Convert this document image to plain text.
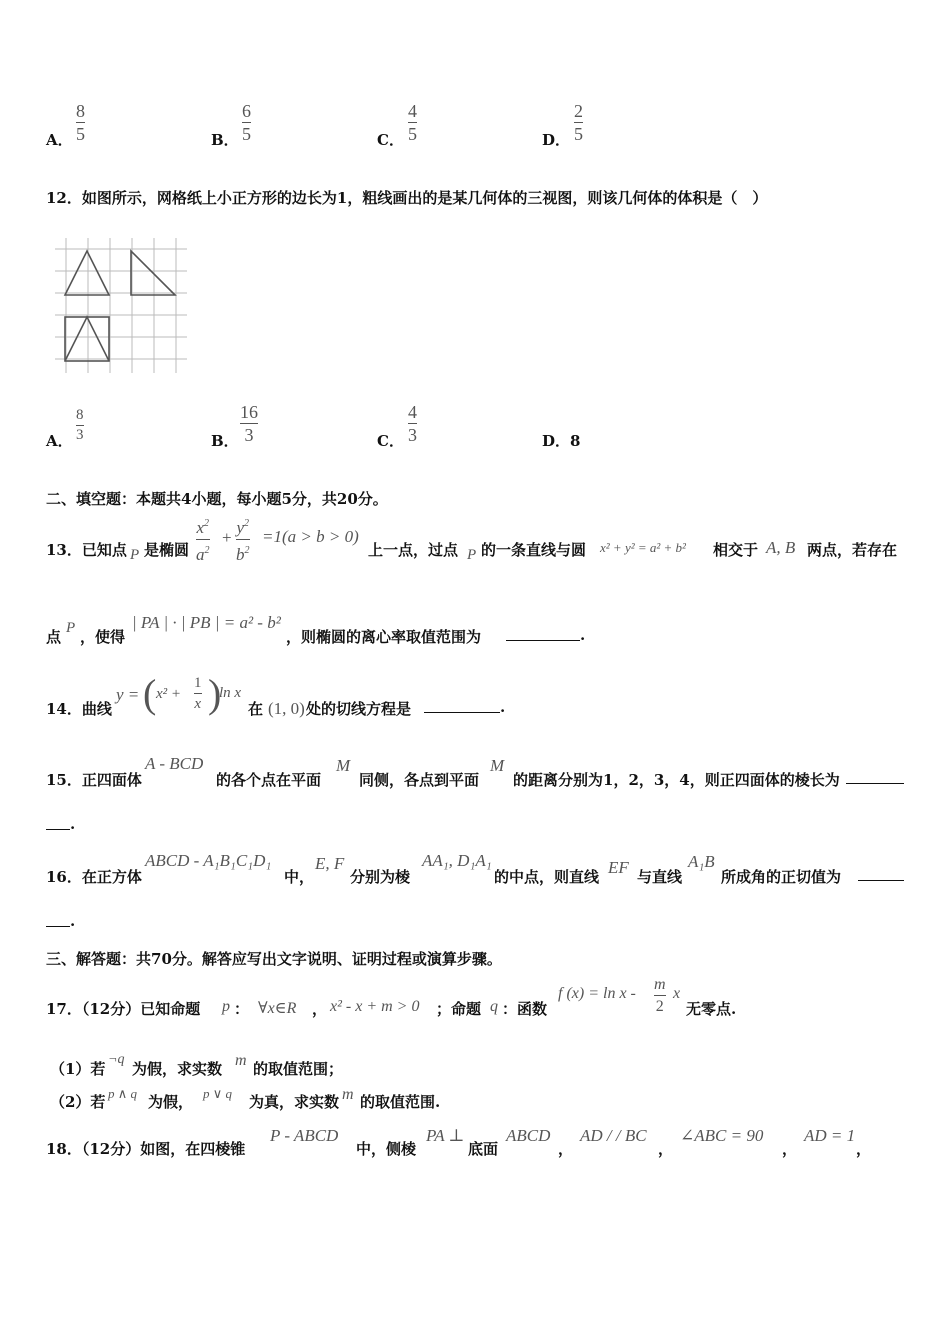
A．
8
5	B．
6
5	C．
4
5	D．
2
5
12．如图所示，网格纸上小正方形的边长为1，粗线画出的是某几何体的三视图，则该几何体的体积是（　）
A．
8
3	B．
16
3	C．
4
3	D．8
二、填空题：本题共4小题，每小题5分，共20分。
13．已知点 P 是椭圆
$x^2$
$a^2$
+
$y^2$
$b^2$
=1(a > b > 0)
上一点，过点 P 的一条直线与圆 x² + y² = a² + b² 相交于 A, B 两点，若存在
点 P ，使得
| PA | · | PB | = a² - b²
，则椭圆的离心率取值范围为	.
14．曲线
y = ( x² +
1
x )
ln x
在 (1, 0) 处的切线方程是	.
15．正四面体
A - BCD
的各个点在平面
M
同侧，各点到平面
M
的距离分别为1，2，3，4，则正四面体的棱长为
.
16．在正方体
ABCD - A₁B₁C₁D₁
中，
E, F
分别为棱
AA₁, D₁A₁
的中点，则直线 EF 与直线
A₁B
所成角的正切值为
.
三、解答题：共70分。解答应写出文字说明、证明过程或演算步骤。
17．（12分）已知命题 p ： ∀x∈R ， x² - x + m > 0 ；命题 q ：函数
f (x) = ln x -
m
2
x
无零点.
（1）若
¬q
为假，求实数 m 的取值范围；
（2）若 p ∧ q 为假， p ∨ q 为真，求实数 m 的取值范围.
18．（12分）如图，在四棱锥
P - ABCD
中，侧棱
PA ⊥
底面
ABCD
，
AD / / BC
，
∠ABC = 90
，
AD = 1
，
